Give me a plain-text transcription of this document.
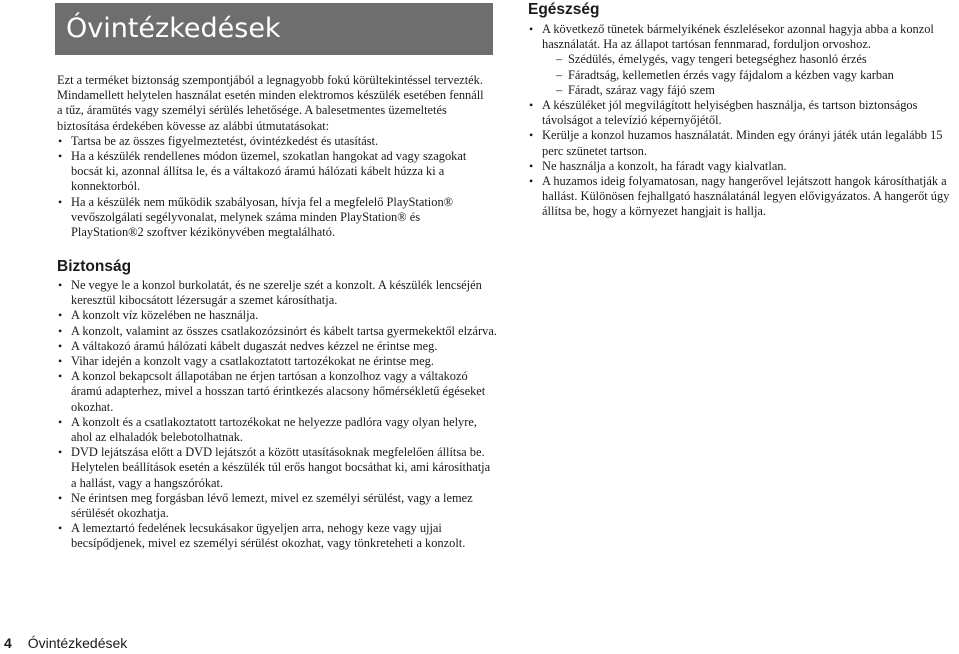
Óvintézkedések

Ezt a terméket biztonság szempontjából a legnagyobb fokú körültekintéssel tervezték. Mindamellett helytelen használat esetén minden elektromos készülék esetében fennáll a tűz, áramütés vagy személyi sérülés lehetősége. A balesetmentes üzemeltetés biztosítása érdekében kövesse az alábbi útmutatásokat:

• Tartsa be az összes figyelmeztetést, óvintézkedést és utasítást.
• Ha a készülék rendellenes módon üzemel, szokatlan hangokat ad vagy szagokat bocsát ki, azonnal állítsa le, és a váltakozó áramú hálózati kábelt húzza ki a konnektorból.
• Ha a készülék nem működik szabályosan, hívja fel a megfelelő PlayStation® vevőszolgálati segélyvonalat, melynek száma minden PlayStation® és PlayStation®2 szoftver kézikönyvében megtalálható.
Biztonság
• Ne vegye le a konzol burkolatát, és ne szerelje szét a konzolt. A készülék lencséjén keresztül kibocsátott lézersugár a szemet károsíthatja.
• A konzolt víz közelében ne használja.
• A konzolt, valamint az összes csatlakozózsinórt és kábelt tartsa gyermekektől elzárva.
• A váltakozó áramú hálózati kábelt dugaszát nedves kézzel ne érintse meg.
• Vihar idején a konzolt vagy a csatlakoztatott tartozékokat ne érintse meg.
• A konzol bekapcsolt állapotában ne érjen tartósan a konzolhoz vagy a váltakozó áramú adapterhez, mivel a hosszan tartó érintkezés alacsony hőmérsékletű égéseket okozhat.
• A konzolt és a csatlakoztatott tartozékokat ne helyezze padlóra vagy olyan helyre, ahol az elhaladók belebotolhatnak.
• DVD lejátszása előtt a DVD lejátszót a között utasításoknak megfelelően állítsa be. Helytelen beállítások esetén a készülék túl erős hangot bocsáthat ki, ami károsíthatja a hallást, vagy a hangszórókat.
• Ne érintsen meg forgásban lévő lemezt, mivel ez személyi sérülést, vagy a lemez sérülését okozhatja.
• A lemeztartó fedelének lecsukásakor ügyeljen arra, nehogy keze vagy ujjai becsípődjenek, mivel ez személyi sérülést okozhat, vagy tönkreteheti a konzolt.
Egészség
• A következő tünetek bármelyikének észlelésekor azonnal hagyja abba a konzol használatát. Ha az állapot tartósan fennmarad, forduljon orvoshoz.
– Szédülés, émelygés, vagy tengeri betegséghez hasonló érzés
– Fáradtság, kellemetlen érzés vagy fájdalom a kézben vagy karban
– Fáradt, száraz vagy fájó szem
• A készüléket jól megvilágított helyiségben használja, és tartson biztonságos távolságot a televízió képernyőjétől.
• Kerülje a konzol huzamos használatát. Minden egy órányi játék után legalább 15 perc szünetet tartson.
• Ne használja a konzolt, ha fáradt vagy kialvatlan.
• A huzamos ideig folyamatosan, nagy hangerővel lejátszott hangok károsíthatják a hallást. Különösen fejhallgató használatánál legyen elővigyázatos. A hangerőt úgy állítsa be, hogy a környezet hangjait is hallja.
4 Óvintézkedések
